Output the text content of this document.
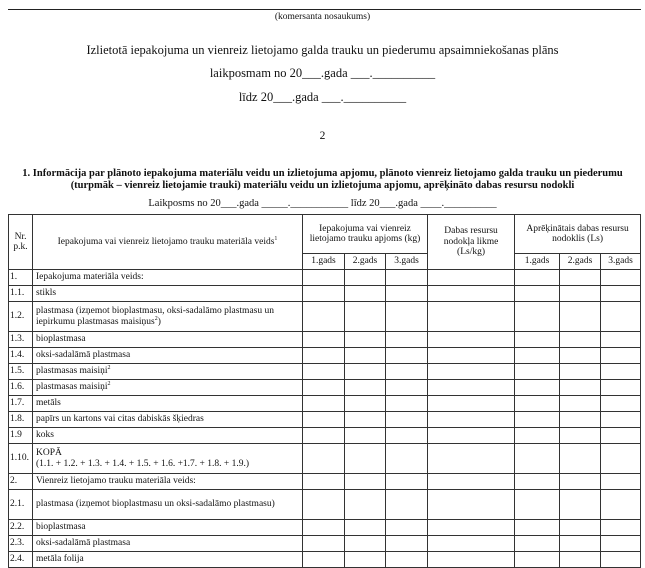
(komersanta nosaukums)
Izlietotā iepakojuma un vienreiz lietojamo galda trauku un piederumu apsaimniekošanas plāns
laikposmam no 20___.gada ___.__________
līdz 20___.gada ___.__________
2
1. Informācija par plānoto iepakojuma materiālu veidu un izlietojuma apjomu, plānoto vienreiz lietojamo galda trauku un piederumu (turpmāk – vienreiz lietojamie trauki) materiālu veidu un izlietojuma apjomu, aprēķināto dabas resursu nodokli
Laikposms no 20___.gada _____.___________ līdz 20___.gada ____.__________
Nr. p.k.	Iepakojuma vai vienreiz lietojamo trauku materiāla veids$^1$	Iepakojuma vai vienreiz lietojamo trauku apjoms (kg)			Dabas resursu nodokļa likme (Ls/kg)	Aprēķinātais dabas resursu nodoklis (Ls)		
		1.gads	2.gads	3.gads		1.gads	2.gads	3.gads
1.	Iepakojuma materiāla veids:							
1.1.	stikls							
1.2.	plastmasa (izņemot bioplastmasu, oksi-sadalāmo plastmasu un iepirkumu plastmasas maisiņus$^2$)							
1.3.	bioplastmasa							
1.4.	oksi-sadalāmā plastmasa							
1.5.	plastmasas maisiņi$^2$							
1.6.	plastmasas maisiņi$^2$							
1.7.	metāls							
1.8.	papīrs un kartons vai citas dabiskās šķiedras							
1.9	koks							
1.10.	KOPĀ
(1.1. + 1.2. + 1.3. + 1.4. + 1.5. + 1.6. +1.7. + 1.8. + 1.9.)							
2.	Vienreiz lietojamo trauku materiāla veids:							
2.1.	plastmasa (izņemot bioplastmasu un oksi-sadalāmo plastmasu)							
2.2.	bioplastmasa							
2.3.	oksi-sadalāmā plastmasa							
2.4.	metāla folija							
